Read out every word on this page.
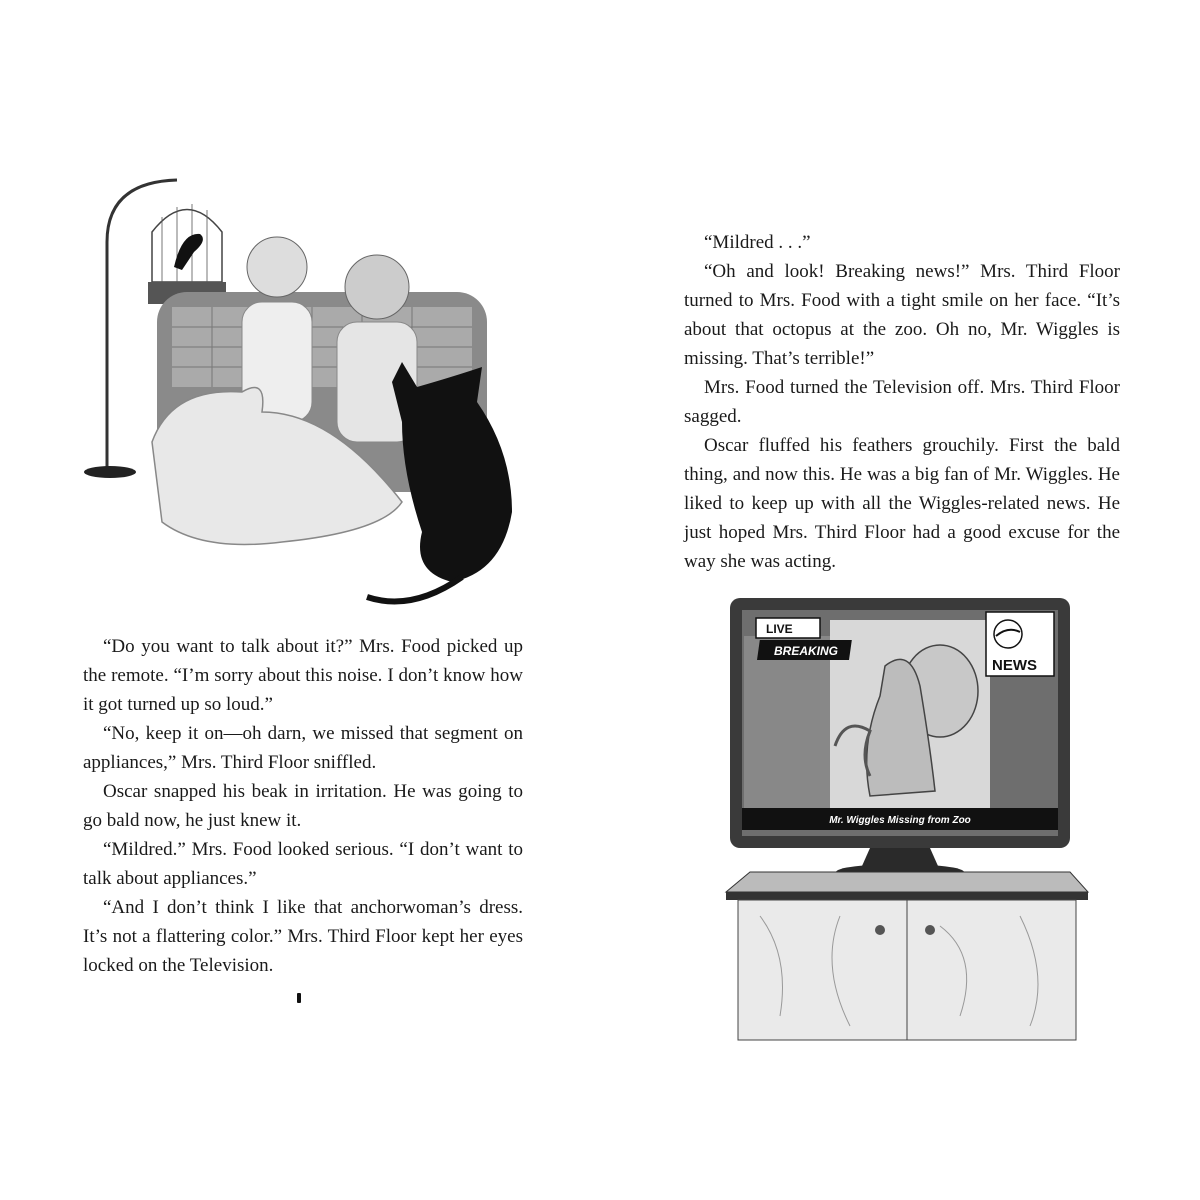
“Do you want to talk about it?” Mrs. Food picked up the remote. “I’m sorry about this noise. I don’t know how it got turned up so loud.”

“No, keep it on—oh darn, we missed that segment on appliances,” Mrs. Third Floor sniffled.

Oscar snapped his beak in irritation. He was going to go bald now, he just knew it.

“Mildred.” Mrs. Food looked serious. “I don’t want to talk about appliances.”

“And I don’t think I like that anchorwoman’s dress. It’s not a flattering color.” Mrs. Third Floor kept her eyes locked on the Television.

“Mildred . . .”

“Oh and look! Breaking news!” Mrs. Third Floor turned to Mrs. Food with a tight smile on her face. “It’s about that octopus at the zoo. Oh no, Mr. Wiggles is missing. That’s terrible!”

Mrs. Food turned the Television off. Mrs. Third Floor sagged.

Oscar fluffed his feathers grouchily. First the bald thing, and now this. He was a big fan of Mr. Wiggles. He liked to keep up with all the Wiggles-related news. He just hoped Mrs. Third Floor had a good excuse for the way she was acting.

LIVE
BREAKING
NEWS
Mr. Wiggles Missing from Zoo
